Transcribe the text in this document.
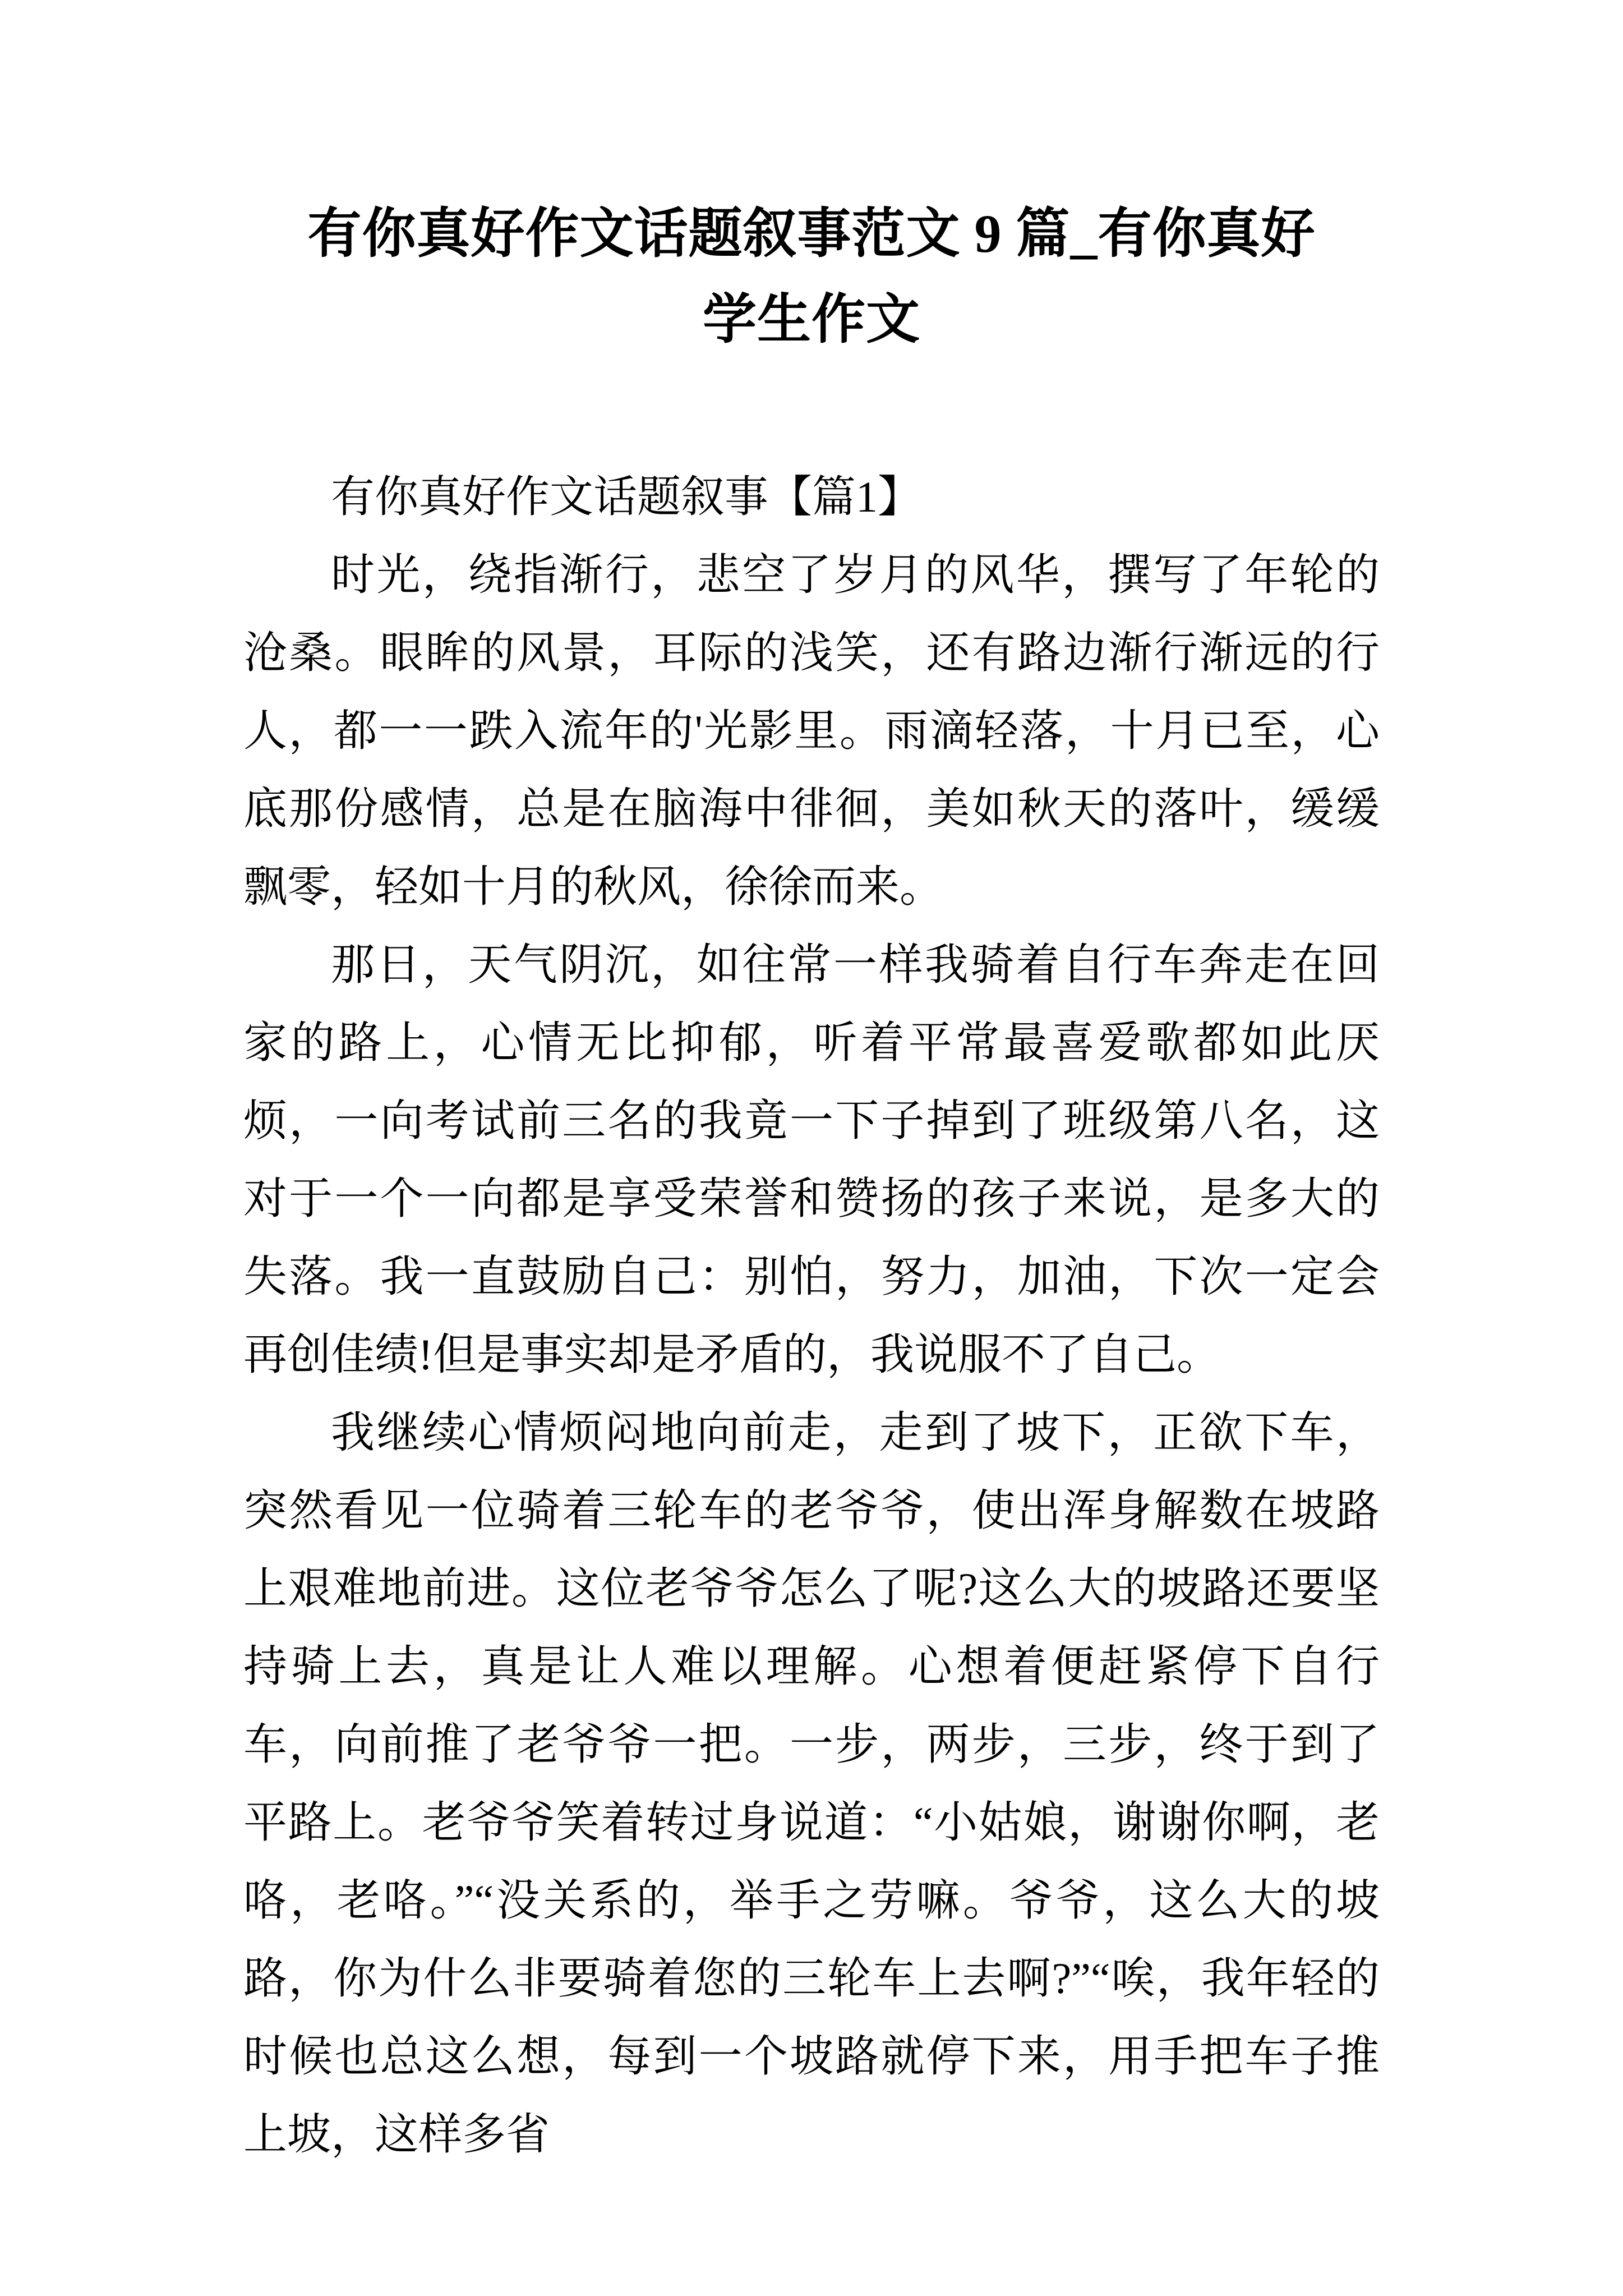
有你真好作文话题叙事范文 9 篇_有你真好
学生作文

有你真好作文话题叙事【篇1】

时光，绕指渐行，悲空了岁月的风华，撰写了年轮的沧桑。眼眸的风景，耳际的浅笑，还有路边渐行渐远的行人，都一一跌入流年的'光影里。雨滴轻落，十月已至，心底那份感情，总是在脑海中徘徊，美如秋天的落叶，缓缓飘零，轻如十月的秋风，徐徐而来。

那日，天气阴沉，如往常一样我骑着自行车奔走在回家的路上，心情无比抑郁，听着平常最喜爱歌都如此厌烦，一向考试前三名的我竟一下子掉到了班级第八名，这对于一个一向都是享受荣誉和赞扬的孩子来说，是多大的失落。我一直鼓励自己：别怕，努力，加油，下次一定会再创佳绩!但是事实却是矛盾的，我说服不了自己。

我继续心情烦闷地向前走，走到了坡下，正欲下车，突然看见一位骑着三轮车的老爷爷，使出浑身解数在坡路上艰难地前进。这位老爷爷怎么了呢?这么大的坡路还要坚持骑上去，真是让人难以理解。心想着便赶紧停下自行车，向前推了老爷爷一把。一步，两步，三步，终于到了平路上。老爷爷笑着转过身说道：“小姑娘，谢谢你啊，老咯，老咯。”“没关系的，举手之劳嘛。爷爷，这么大的坡路，你为什么非要骑着您的三轮车上去啊?”“唉，我年轻的时候也总这么想，每到一个坡路就停下来，用手把车子推上坡，这样多省
